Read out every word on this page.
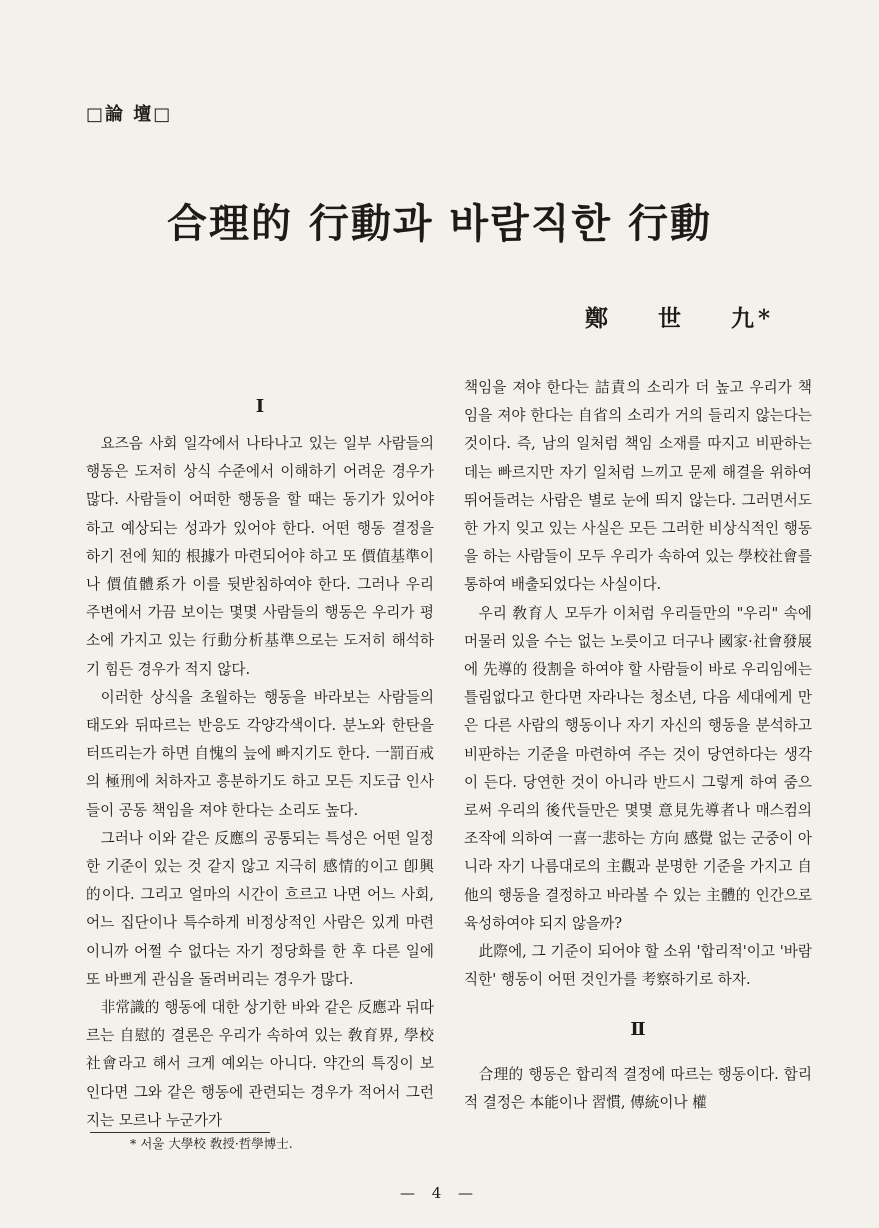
□論 壇□
合理的 行動과 바람직한 行動
鄭 世 九*
I

요즈음 사회 일각에서 나타나고 있는 일부 사람들의 행동은 도저히 상식 수준에서 이해하기 어려운 경우가 많다. 사람들이 어떠한 행동을 할 때는 동기가 있어야 하고 예상되는 성과가 있어야 한다. 어떤 행동 결정을 하기 전에 知的 根據가 마련되어야 하고 또 價值基準이나 價值體系가 이를 뒷받침하여야 한다. 그러나 우리 주변에서 가끔 보이는 몇몇 사람들의 행동은 우리가 평소에 가지고 있는 行動分析基準으로는 도저히 해석하기 힘든 경우가 적지 않다.

이러한 상식을 초월하는 행동을 바라보는 사람들의 태도와 뒤따르는 반응도 각양각색이다. 분노와 한탄을 터뜨리는가 하면 自愧의 늪에 빠지기도 한다. 一罰百戒의 極刑에 처하자고 흥분하기도 하고 모든 지도급 인사들이 공동 책임을 져야 한다는 소리도 높다.

그러나 이와 같은 反應의 공통되는 특성은 어떤 일정한 기준이 있는 것 같지 않고 지극히 感情的이고 卽興的이다. 그리고 얼마의 시간이 흐르고 나면 어느 사회, 어느 집단이나 특수하게 비정상적인 사람은 있게 마련이니까 어쩔 수 없다는 자기 정당화를 한 후 다른 일에 또 바쁘게 관심을 돌려버리는 경우가 많다.

非常識的 행동에 대한 상기한 바와 같은 反應과 뒤따르는 自慰的 결론은 우리가 속하여 있는 敎育界, 學校社會라고 해서 크게 예외는 아니다. 약간의 특징이 보인다면 그와 같은 행동에 관련되는 경우가 적어서 그런지는 모르나 누군가가

책임을 져야 한다는 詰責의 소리가 더 높고 우리가 책임을 져야 한다는 自省의 소리가 거의 들리지 않는다는 것이다. 즉, 남의 일처럼 책임 소재를 따지고 비판하는 데는 빠르지만 자기 일처럼 느끼고 문제 해결을 위하여 뛰어들려는 사람은 별로 눈에 띄지 않는다. 그러면서도 한 가지 잊고 있는 사실은 모든 그러한 비상식적인 행동을 하는 사람들이 모두 우리가 속하여 있는 學校社會를 통하여 배출되었다는 사실이다.

우리 敎育人 모두가 이처럼 우리들만의 "우리" 속에 머물러 있을 수는 없는 노릇이고 더구나 國家·社會發展에 先導的 役割을 하여야 할 사람들이 바로 우리임에는 틀림없다고 한다면 자라나는 청소년, 다음 세대에게 만은 다른 사람의 행동이나 자기 자신의 행동을 분석하고 비판하는 기준을 마련하여 주는 것이 당연하다는 생각이 든다. 당연한 것이 아니라 반드시 그렇게 하여 줌으로써 우리의 後代들만은 몇몇 意見先導者나 매스컴의 조작에 의하여 一喜一悲하는 方向 感覺 없는 군중이 아니라 자기 나름대로의 主觀과 분명한 기준을 가지고 自他의 행동을 결정하고 바라볼 수 있는 主體的 인간으로 육성하여야 되지 않을까?

此際에, 그 기준이 되어야 할 소위 '합리적'이고 '바람직한' 행동이 어떤 것인가를 考察하기로 하자.

Ⅱ

合理的 행동은 합리적 결정에 따르는 행동이다. 합리적 결정은 本能이나 習慣, 傳統이나 權

* 서울 大學校 敎授·哲學博士.
— 4 —
